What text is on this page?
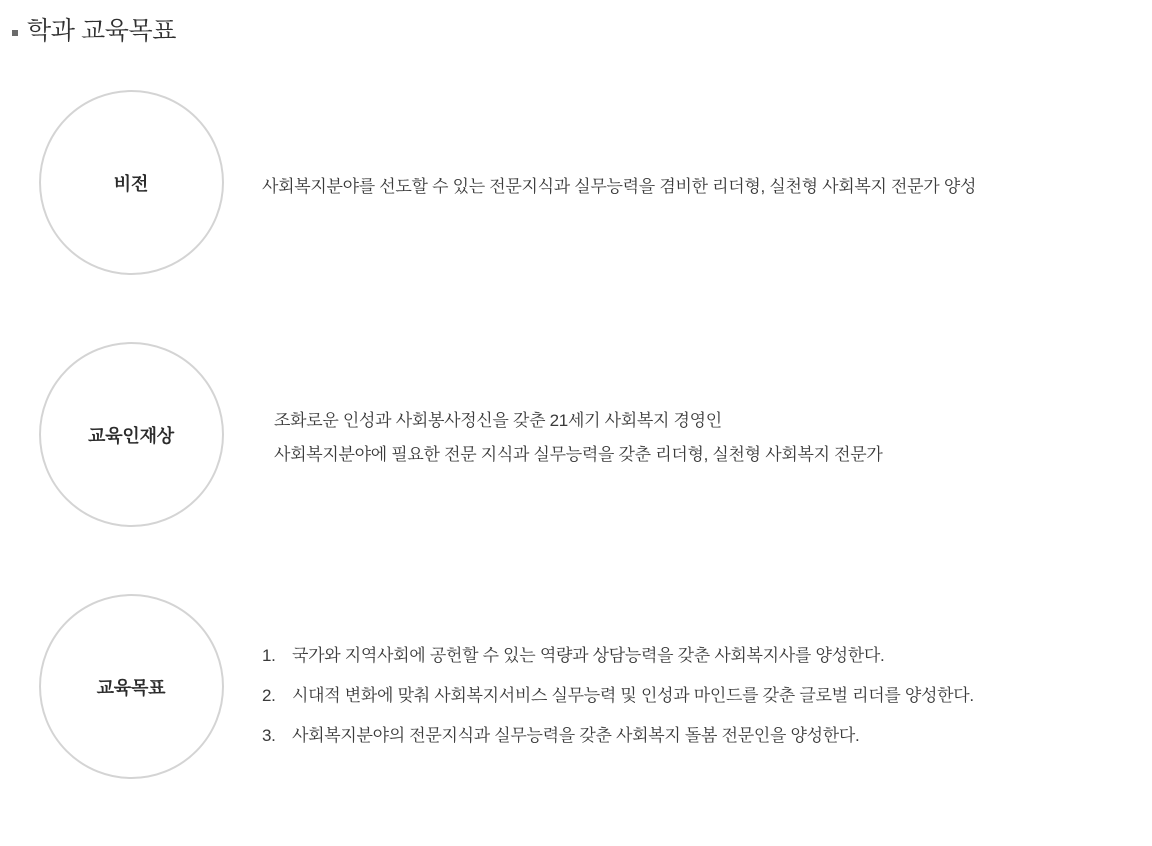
학과 교육목표
비전	사회복지분야를 선도할 수 있는 전문지식과 실무능력을 겸비한 리더형, 실천형 사회복지 전문가 양성
교육인재상
조화로운 인성과 사회봉사정신을 갖춘 21세기 사회복지 경영인
사회복지분야에 필요한 전문 지식과 실무능력을 갖춘 리더형, 실천형 사회복지 전문가
교육목표
1. 국가와 지역사회에 공헌할 수 있는 역량과 상담능력을 갖춘 사회복지사를 양성한다.
2. 시대적 변화에 맞춰 사회복지서비스 실무능력 및 인성과 마인드를 갖춘 글로벌 리더를 양성한다.
3. 사회복지분야의 전문지식과 실무능력을 갖춘 사회복지 돌봄 전문인을 양성한다.
